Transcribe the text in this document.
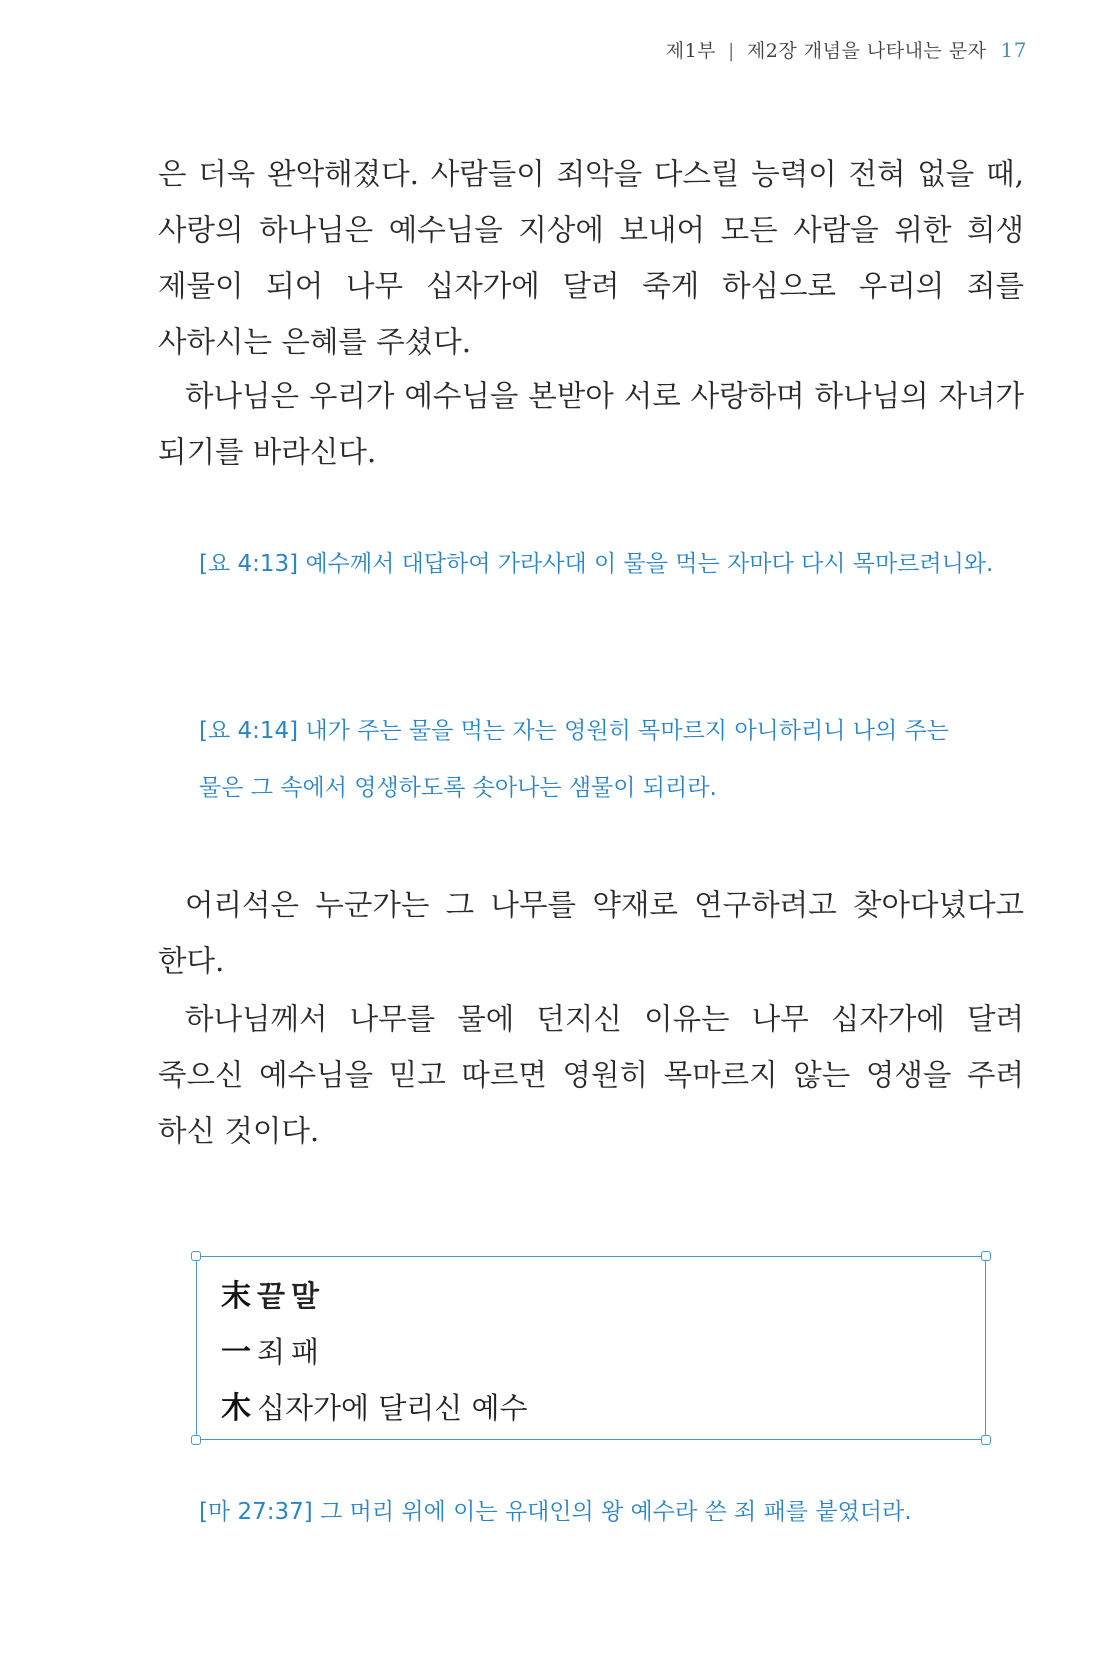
제1부 | 제2장 개념을 나타내는 문자 17

은 더욱 완악해졌다. 사람들이 죄악을 다스릴 능력이 전혀 없을 때, 사랑의 하나님은 예수님을 지상에 보내어 모든 사람을 위한 희생 제물이 되어 나무 십자가에 달려 죽게 하심으로 우리의 죄를 사하시는 은혜를 주셨다.

하나님은 우리가 예수님을 본받아 서로 사랑하며 하나님의 자녀가 되기를 바라신다.

[요 4:13] 예수께서 대답하여 가라사대 이 물을 먹는 자마다 다시 목마르려니와.
[요 4:14] 내가 주는 물을 먹는 자는 영원히 목마르지 아니하리니 나의 주는 물은 그 속에서 영생하도록 솟아나는 샘물이 되리라.

어리석은 누군가는 그 나무를 약재로 연구하려고 찾아다녔다고 한다.

하나님께서 나무를 물에 던지신 이유는 나무 십자가에 달려 죽으신 예수님을 믿고 따르면 영원히 목마르지 않는 영생을 주려 하신 것이다.

末 끝말
一 죄패
木 십자가에 달리신 예수
[마 27:37] 그 머리 위에 이는 유대인의 왕 예수라 쓴 죄 패를 붙였더라.
